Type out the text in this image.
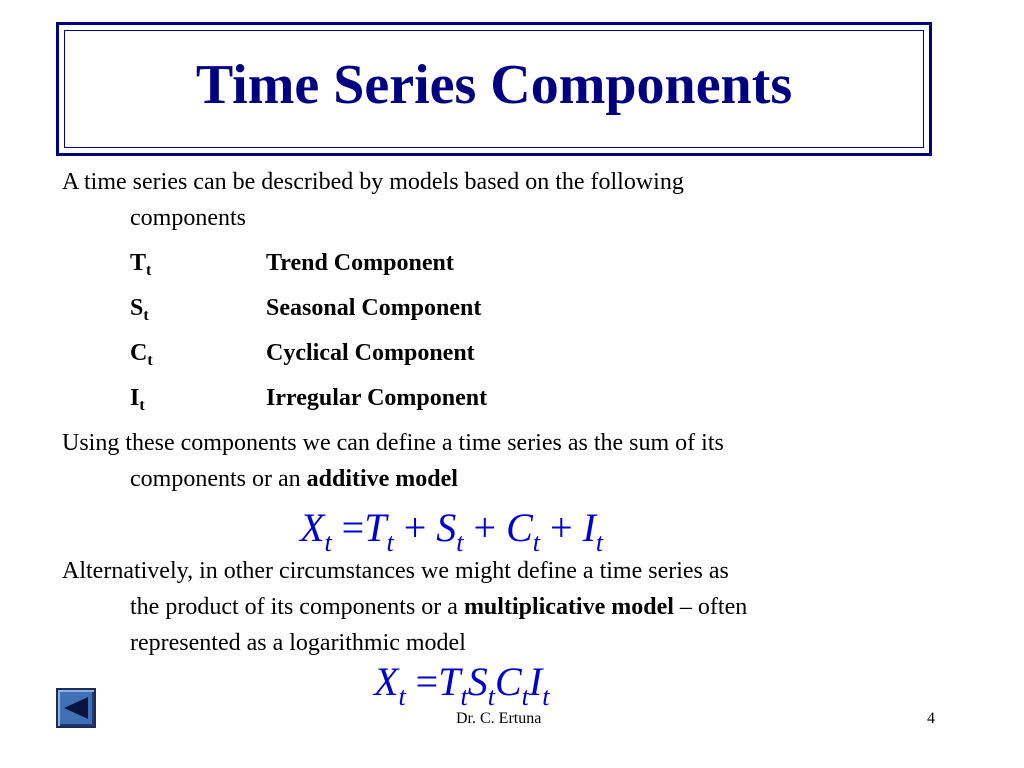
Time Series Components
A time series can be described by models based on the following
components
$T_t$	Trend Component
$S_t$	Seasonal Component
$C_t$	Cyclical Component
$I_t$	Irregular Component
Using these components we can define a time series as the sum of its
components or an additive model
$X_t =T_t + S_t + C_t + I_t$
Alternatively, in other circumstances we might define a time series as
the product of its components or a multiplicative model – often
represented as a logarithmic model
$X_t =T_tS_tC_tI_t$
Dr. C. Ertuna	4
